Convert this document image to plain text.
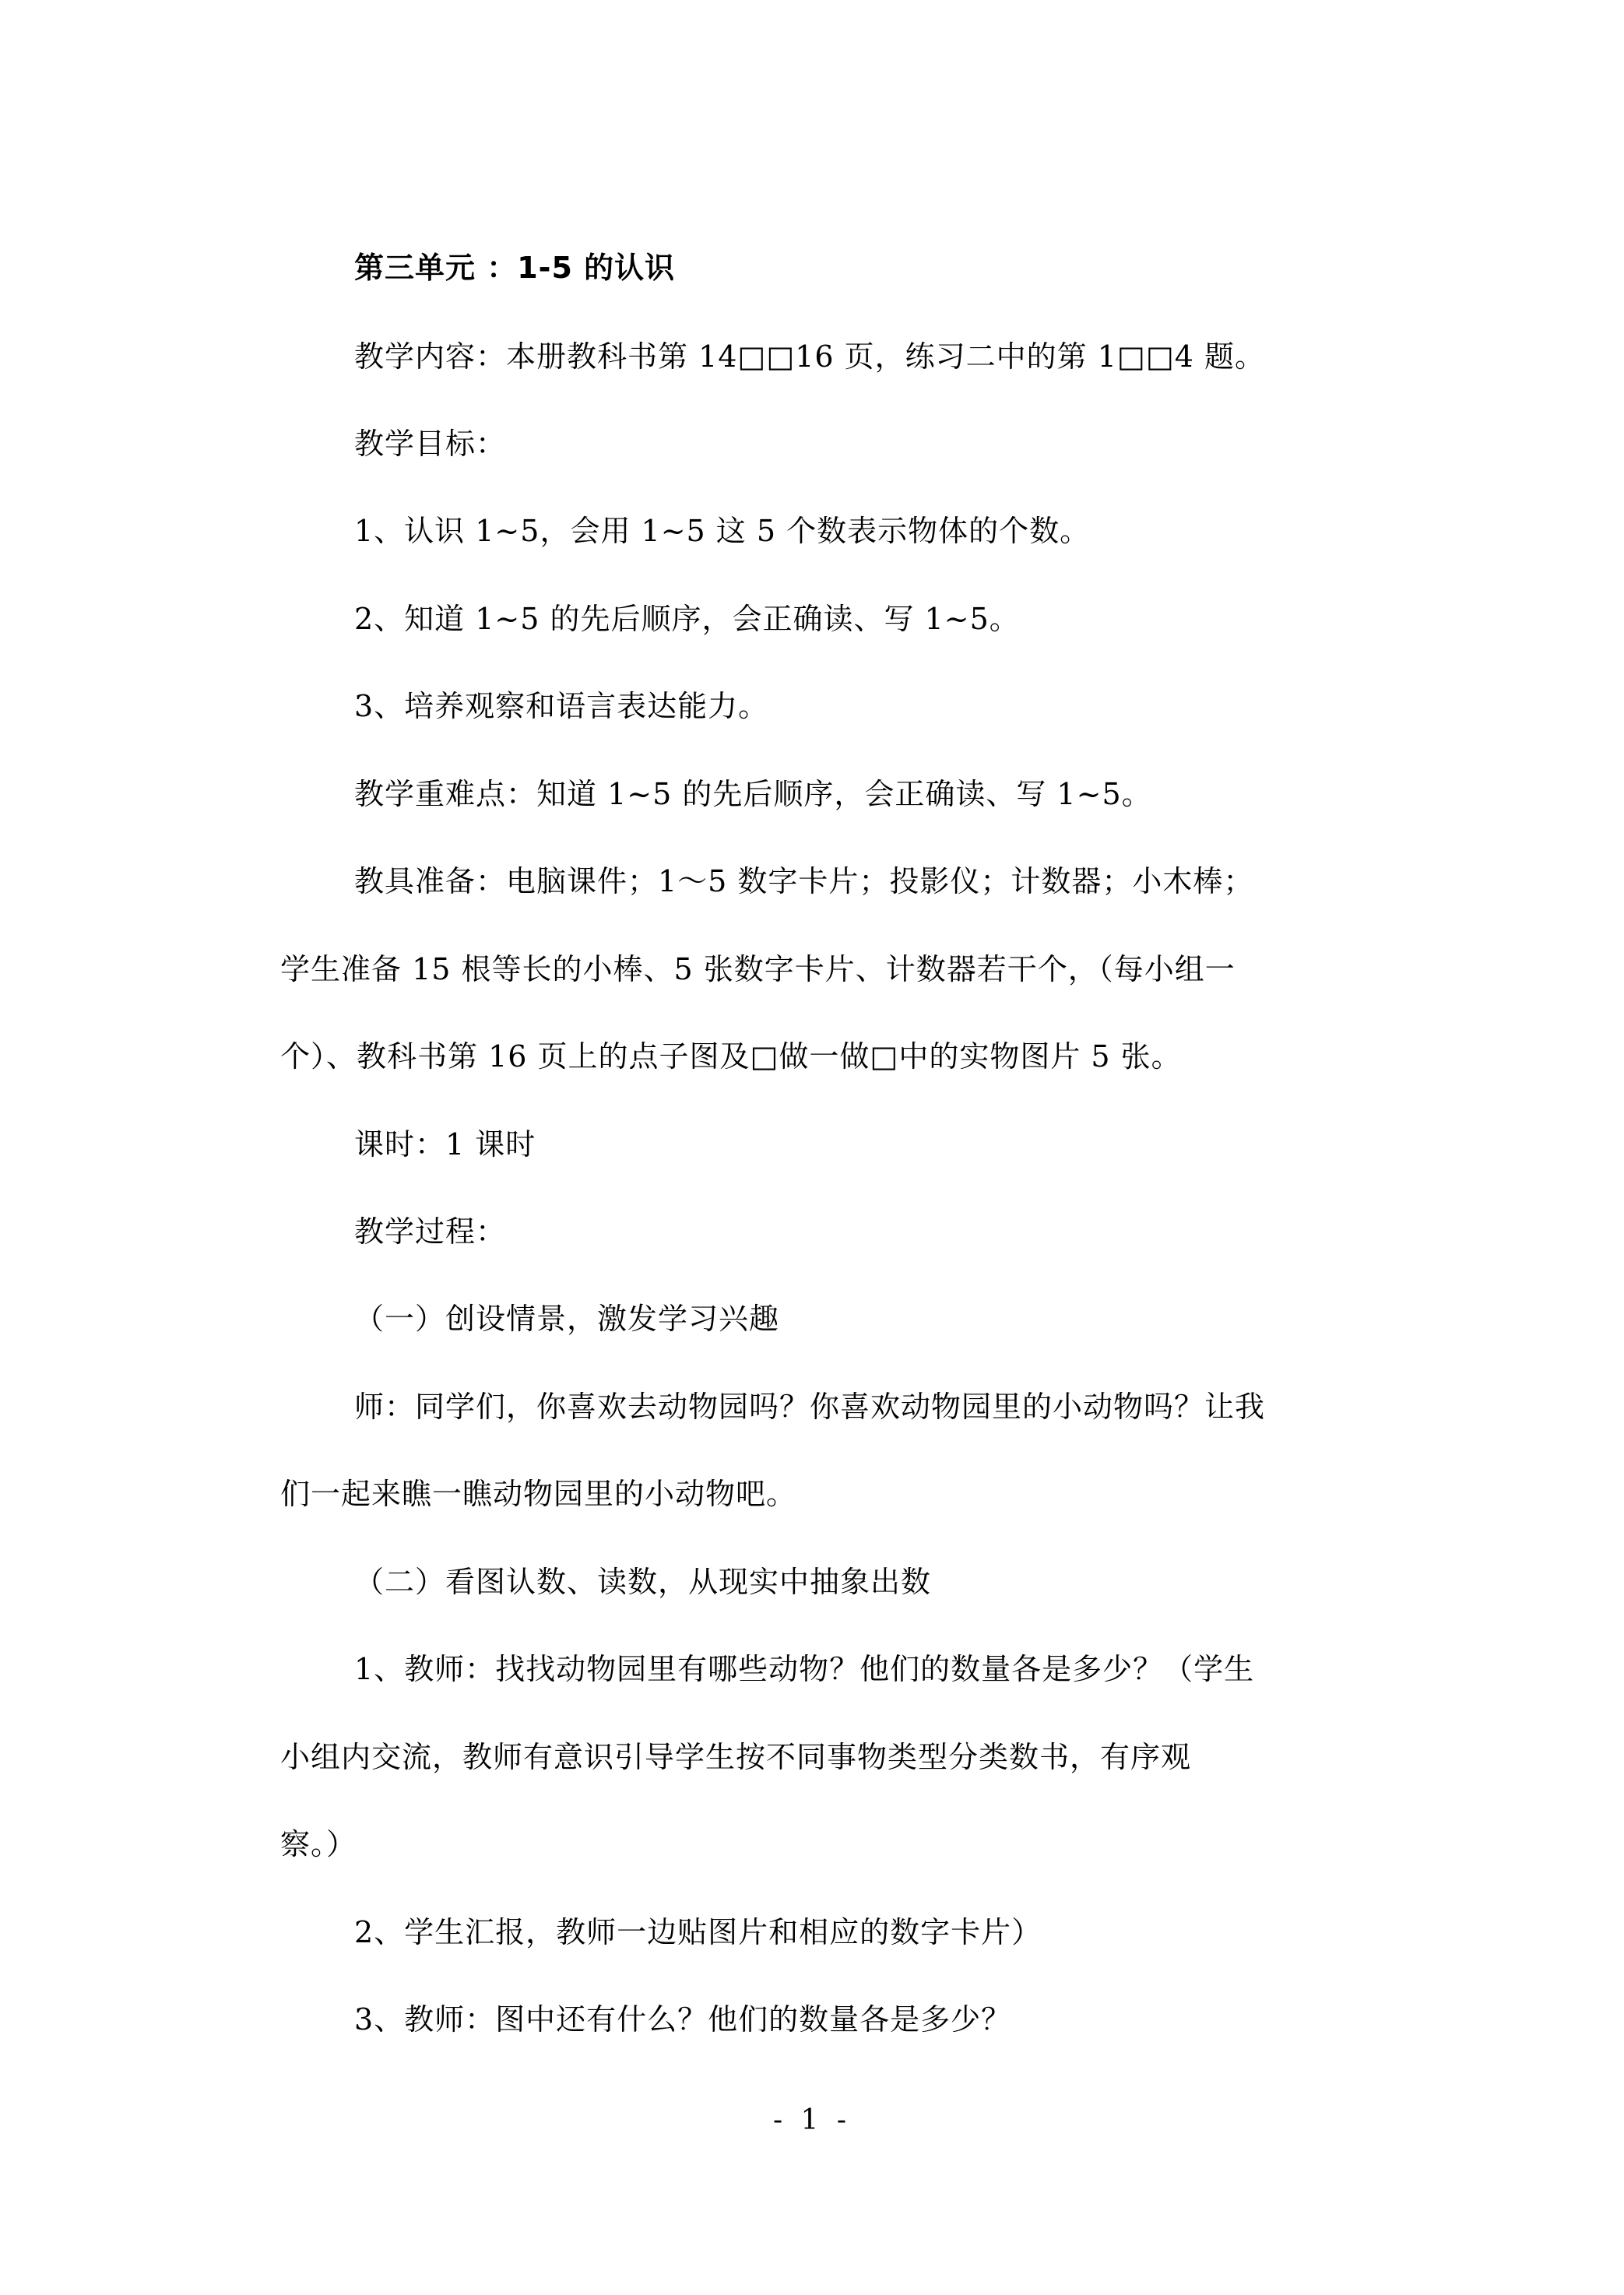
第三单元 ：1-5 的认识
教学内容：本册教科书第 14□□16 页，练习二中的第 1□□4 题。
教学目标：
1、认识 1~5，会用 1~5 这 5 个数表示物体的个数。
2、知道 1~5 的先后顺序，会正确读、写 1~5。
3、培养观察和语言表达能力。
教学重难点：知道 1~5 的先后顺序，会正确读、写 1~5。
教具准备：电脑课件；1～5 数字卡片；投影仪；计数器；小木棒；
学生准备 15 根等长的小棒、5 张数字卡片、计数器若干个，（每小组一
个）、教科书第 16 页上的点子图及□做一做□中的实物图片 5 张。
课时：1 课时
教学过程：
（一）创设情景，激发学习兴趣
师：同学们，你喜欢去动物园吗？你喜欢动物园里的小动物吗？让我
们一起来瞧一瞧动物园里的小动物吧。
（二）看图认数、读数，从现实中抽象出数
1、教师：找找动物园里有哪些动物？他们的数量各是多少？（学生
小组内交流，教师有意识引导学生按不同事物类型分类数书，有序观
察。）
2、学生汇报，教师一边贴图片和相应的数字卡片）
3、教师：图中还有什么？他们的数量各是多少？
- 1 -
